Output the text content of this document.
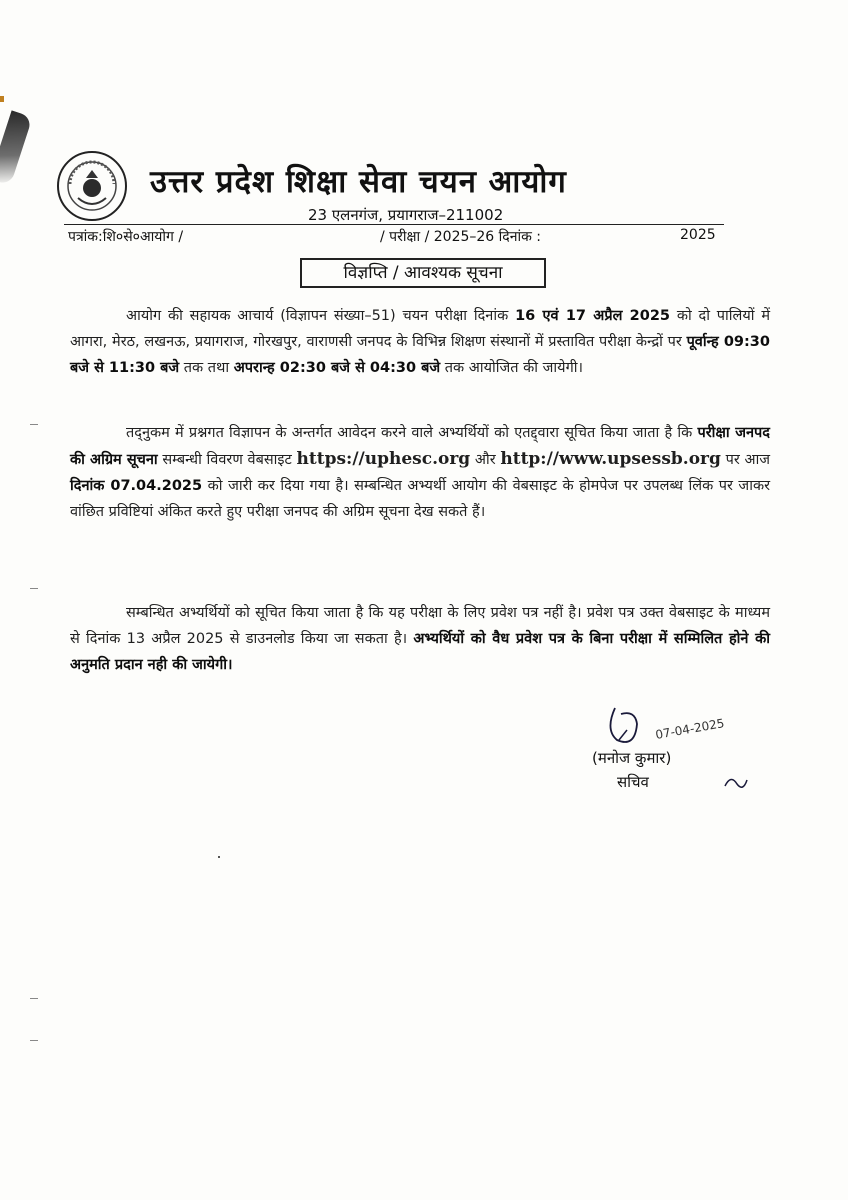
उत्तर प्रदेश शिक्षा सेवा चयन आयोग
23 एलनगंज, प्रयागराज–211002
पत्रांक:शि०से०आयोग /	/ परीक्षा / 2025–26 दिनांक :	2025
विज्ञप्ति / आवश्यक सूचना
आयोग की सहायक आचार्य (विज्ञापन संख्या–51) चयन परीक्षा दिनांक 16 एवं 17 अप्रैल 2025 को दो पालियों में आगरा, मेरठ, लखनऊ, प्रयागराज, गोरखपुर, वाराणसी जनपद के विभिन्न शिक्षण संस्थानों में प्रस्तावित परीक्षा केन्द्रों पर पूर्वान्ह 09:30 बजे से 11:30 बजे तक तथा अपरान्ह 02:30 बजे से 04:30 बजे तक आयोजित की जायेगी।
तद्नुकम में प्रश्नगत विज्ञापन के अन्तर्गत आवेदन करने वाले अभ्यर्थियों को एतद्द्वारा सूचित किया जाता है कि परीक्षा जनपद की अग्रिम सूचना सम्बन्धी विवरण वेबसाइट https://uphesc.org और http://www.upsessb.org पर आज दिनांक 07.04.2025 को जारी कर दिया गया है। सम्बन्धित अभ्यर्थी आयोग की वेबसाइट के होमपेज पर उपलब्ध लिंक पर जाकर वांछित प्रविष्टियां अंकित करते हुए परीक्षा जनपद की अग्रिम सूचना देख सकते हैं।
सम्बन्धित अभ्यर्थियों को सूचित किया जाता है कि यह परीक्षा के लिए प्रवेश पत्र नहीं है। प्रवेश पत्र उक्त वेबसाइट के माध्यम से दिनांक 13 अप्रैल 2025 से डाउनलोड किया जा सकता है। अभ्यर्थियों को वैध प्रवेश पत्र के बिना परीक्षा में सम्मिलित होने की अनुमति प्रदान नही की जायेगी।
07-04-2025
(मनोज कुमार)
सचिव
